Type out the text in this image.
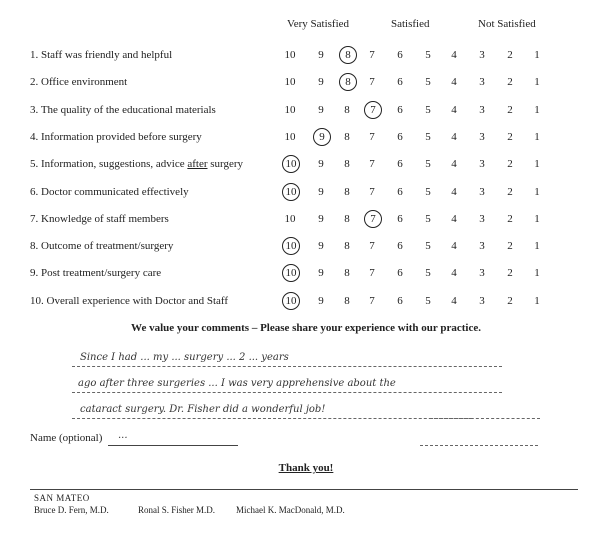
Very Satisfied	Satisfied	Not Satisfied
1. Staff was friendly and helpful	10	9	8	7	6	5	4	3	2	1
2. Office environment	10	9	8	7	6	5	4	3	2	1
3. The quality of the educational materials	10	9	8	7	6	5	4	3	2	1
4. Information provided before surgery	10	9	8	7	6	5	4	3	2	1
5. Information, suggestions, advice after surgery	10	9	8	7	6	5	4	3	2	1
6. Doctor communicated effectively	10	9	8	7	6	5	4	3	2	1
7. Knowledge of staff members	10	9	8	7	6	5	4	3	2	1
8. Outcome of treatment/surgery	10	9	8	7	6	5	4	3	2	1
9. Post treatment/surgery care	10	9	8	7	6	5	4	3	2	1
10. Overall experience with Doctor and Staff	10	9	8	7	6	5	4	3	2	1
We value your comments – Please share your experience with our practice.
Since I had ... my ... surgery ... 2 ... years
ago after three surgeries ... I was very apprehensive about the
cataract surgery. Dr. Fisher did a wonderful job!
Name (optional) ...
Thank you!
SAN MATEO
Bruce D. Fern, M.D.	Ronal S. Fisher M.D. Michael K. MacDonald, M.D.
